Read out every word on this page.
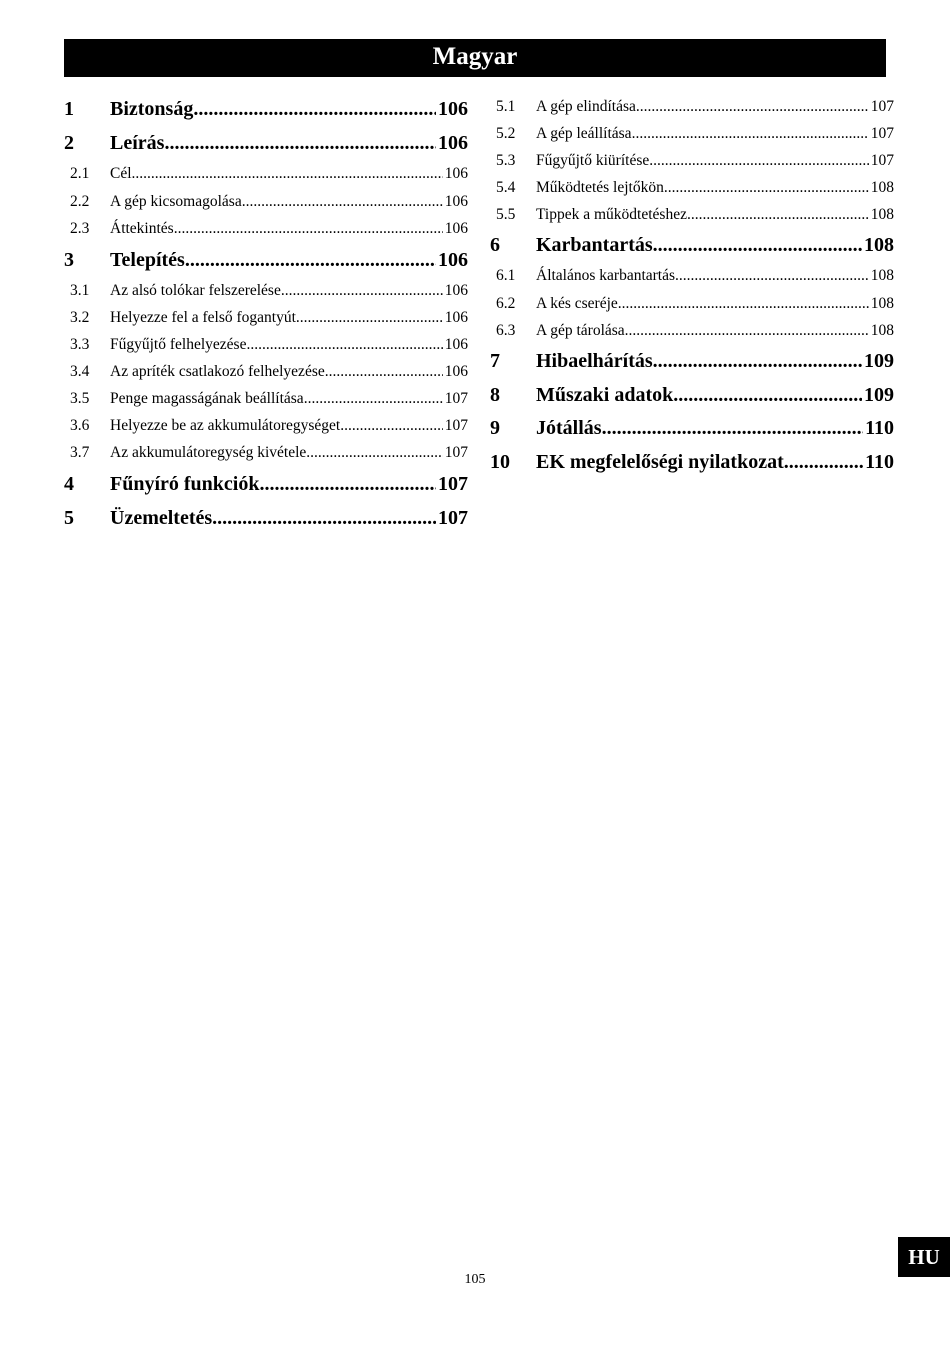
Magyar
1	Biztonság .....	106
2	Leírás .....	106
2.1	Cél .....	106
2.2	A gép kicsomagolása .....	106
2.3	Áttekintés .....	106
3	Telepítés .....	106
3.1	Az alsó tolókar felszerelése .....	106
3.2	Helyezze fel a felső fogantyút .....	106
3.3	Fűgyűjtő felhelyezése .....	106
3.4	Az apríték csatlakozó felhelyezése .....	106
3.5	Penge magasságának beállítása .....	107
3.6	Helyezze be az akkumulátoregységet .....	107
3.7	Az akkumulátoregység kivétele .....	107
4	Fűnyíró funkciók .....	107
5	Üzemeltetés .....	107
5.1	A gép elindítása .....	107
5.2	A gép leállítása .....	107
5.3	Fűgyűjtő kiürítése .....	107
5.4	Működtetés lejtőkön .....	108
5.5	Tippek a működtetéshez .....	108
6	Karbantartás .....	108
6.1	Általános karbantartás .....	108
6.2	A kés cseréje .....	108
6.3	A gép tárolása .....	108
7	Hibaelhárítás .....	109
8	Műszaki adatok .....	109
9	Jótállás .....	110
10	EK megfelelőségi nyilatkozat .....	110
105
HU
